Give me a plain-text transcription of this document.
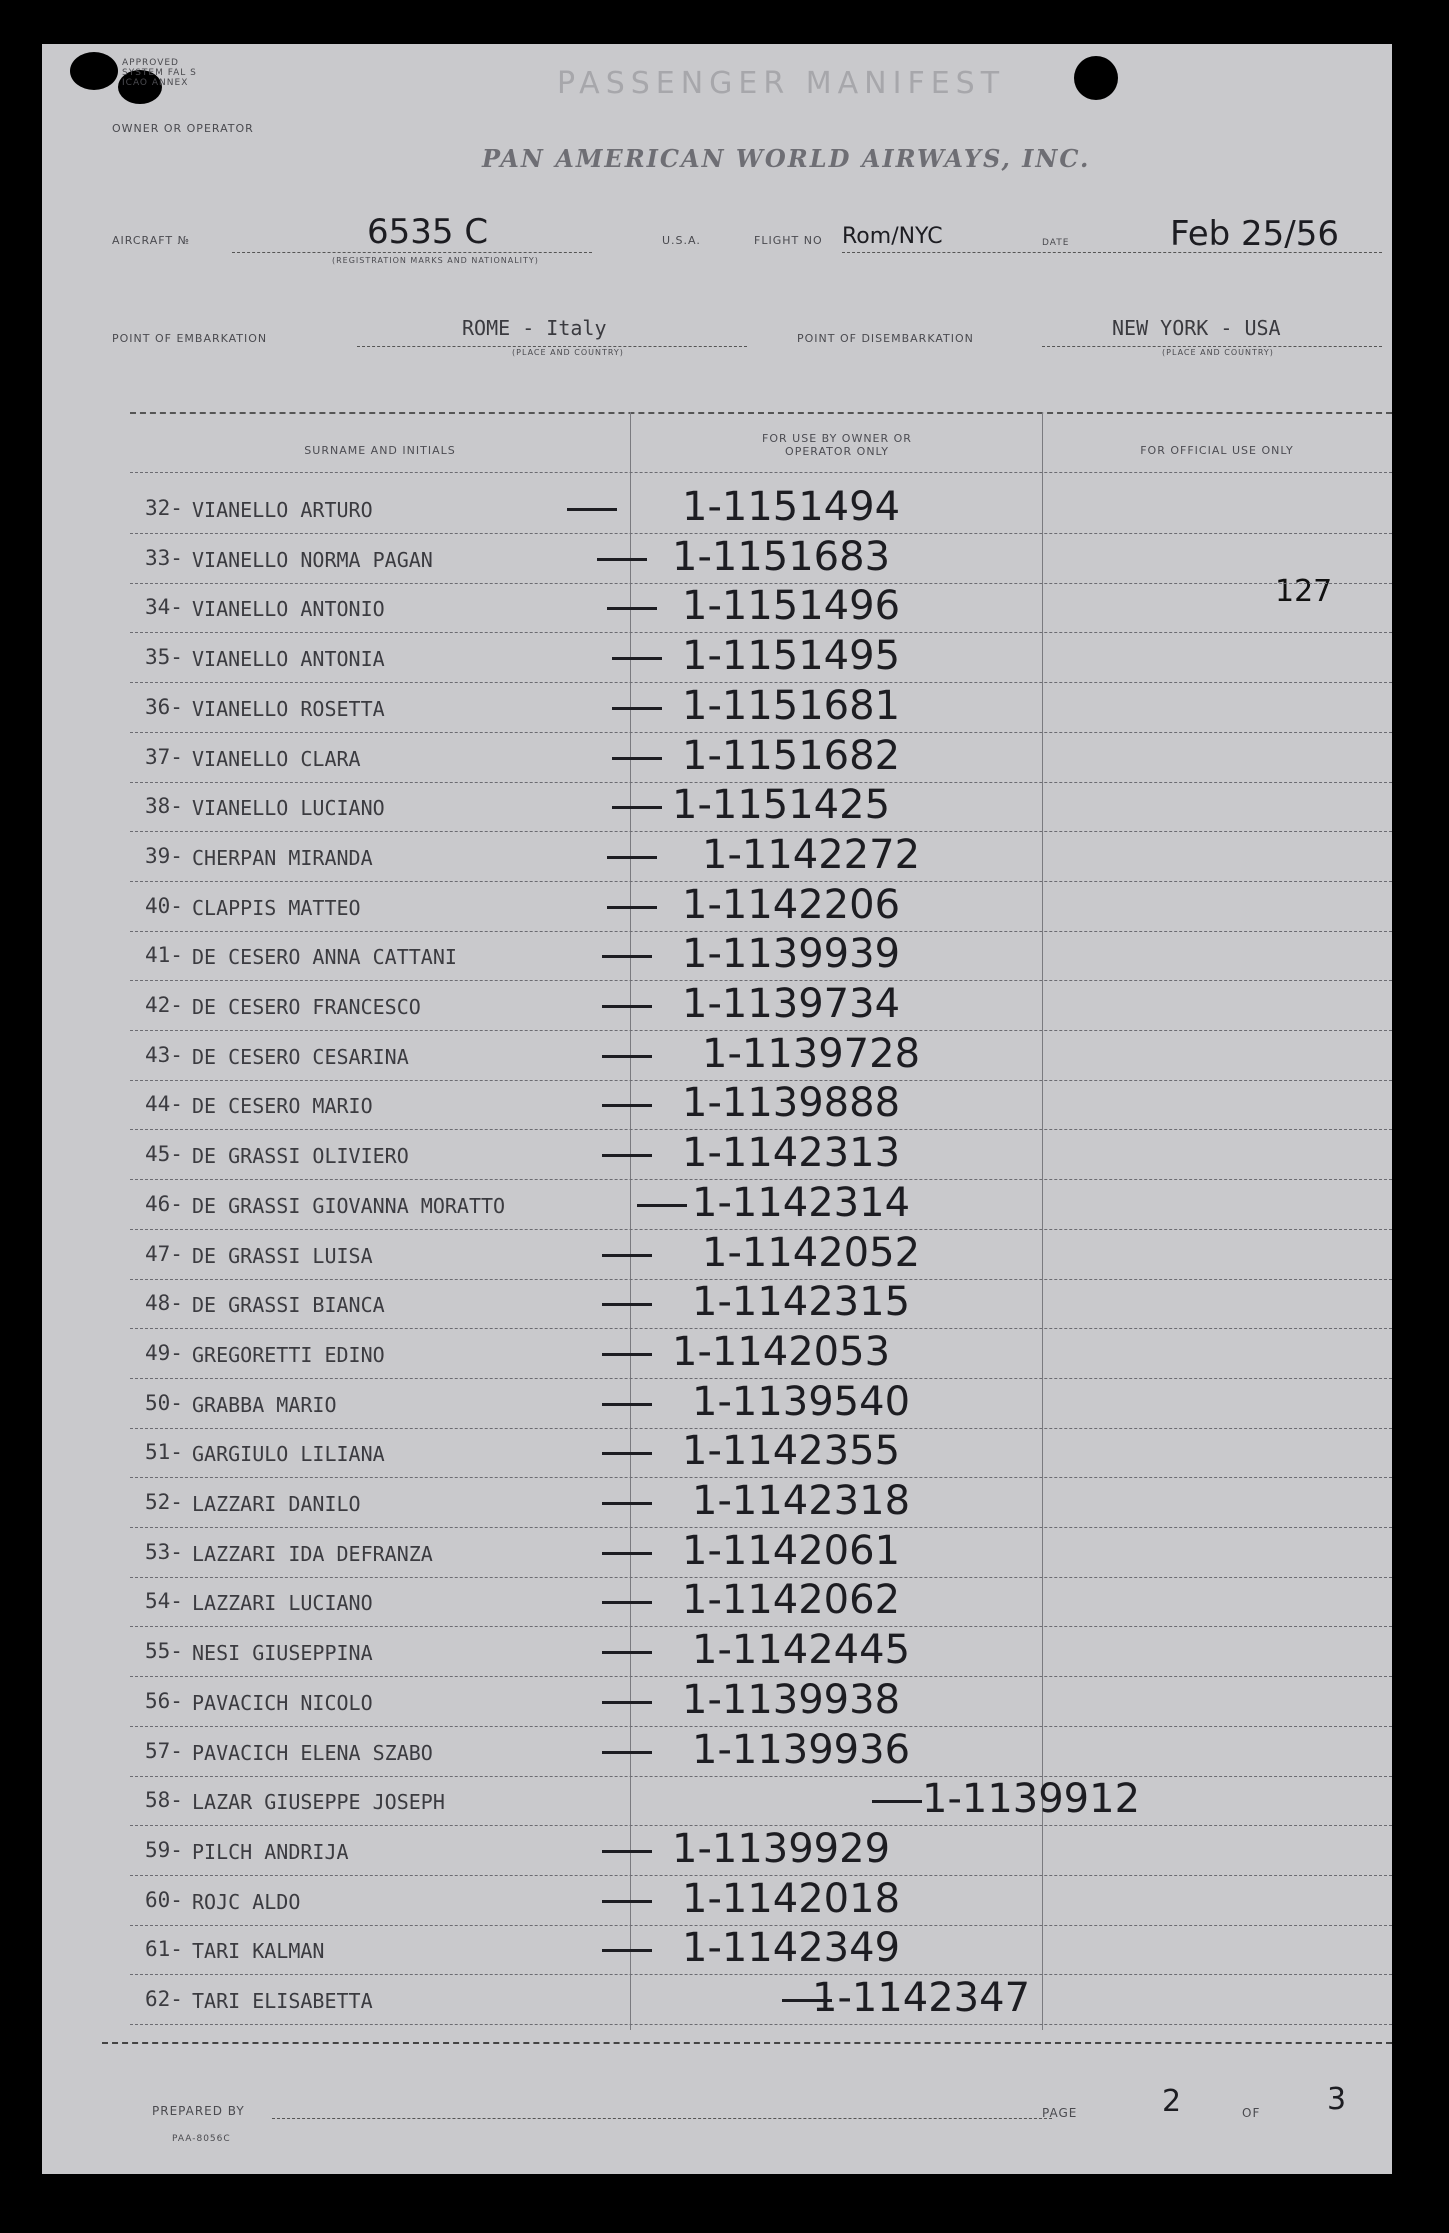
APPROVED
SYSTEM FAL S
ICAO ANNEX	PASSENGER MANIFEST
OWNER OR OPERATOR
PAN AMERICAN WORLD AIRWAYS, INC.
AIRCRAFT №	6535 C
(REGISTRATION MARKS AND NATIONALITY)
U.S.A.	FLIGHT NO Rom/NYC	DATE	Feb 25/56
POINT OF EMBARKATION	ROME - Italy
(PLACE AND COUNTRY)
POINT OF DISEMBARKATION	NEW YORK - USA
(PLACE AND COUNTRY)
SURNAME AND INITIALS
FOR USE BY OWNER OR OPERATOR ONLY	FOR OFFICIAL USE ONLY
127
32- VIANELLO ARTURO	1-1151494
33- VIANELLO NORMA PAGAN	1-1151683
34- VIANELLO ANTONIO	1-1151496
35- VIANELLO ANTONIA	1-1151495
36- VIANELLO ROSETTA	1-1151681
37- VIANELLO CLARA	1-1151682
38- VIANELLO LUCIANO	1-1151425
39- CHERPAN MIRANDA	1-1142272
40- CLAPPIS MATTEO	1-1142206
41- DE CESERO ANNA CATTANI	1-1139939
42- DE CESERO FRANCESCO	1-1139734
43- DE CESERO CESARINA	1-1139728
44- DE CESERO MARIO	1-1139888
45- DE GRASSI OLIVIERO	1-1142313
46- DE GRASSI GIOVANNA MORATTO	1-1142314
47- DE GRASSI LUISA	1-1142052
48- DE GRASSI BIANCA	1-1142315
49- GREGORETTI EDINO	1-1142053
50- GRABBA MARIO	1-1139540
51- GARGIULO LILIANA	1-1142355
52- LAZZARI DANILO	1-1142318
53- LAZZARI IDA DEFRANZA	1-1142061
54- LAZZARI LUCIANO	1-1142062
55- NESI GIUSEPPINA	1-1142445
56- PAVACICH NICOLO	1-1139938
57- PAVACICH ELENA SZABO	1-1139936
58- LAZAR GIUSEPPE JOSEPH	1-1139912
59- PILCH ANDRIJA	1-1139929
60- ROJC ALDO	1-1142018
61- TARI KALMAN	1-1142349
62- TARI ELISABETTA	1-1142347
PREPARED BY
PAA-8056C
PAGE	2	OF 3
